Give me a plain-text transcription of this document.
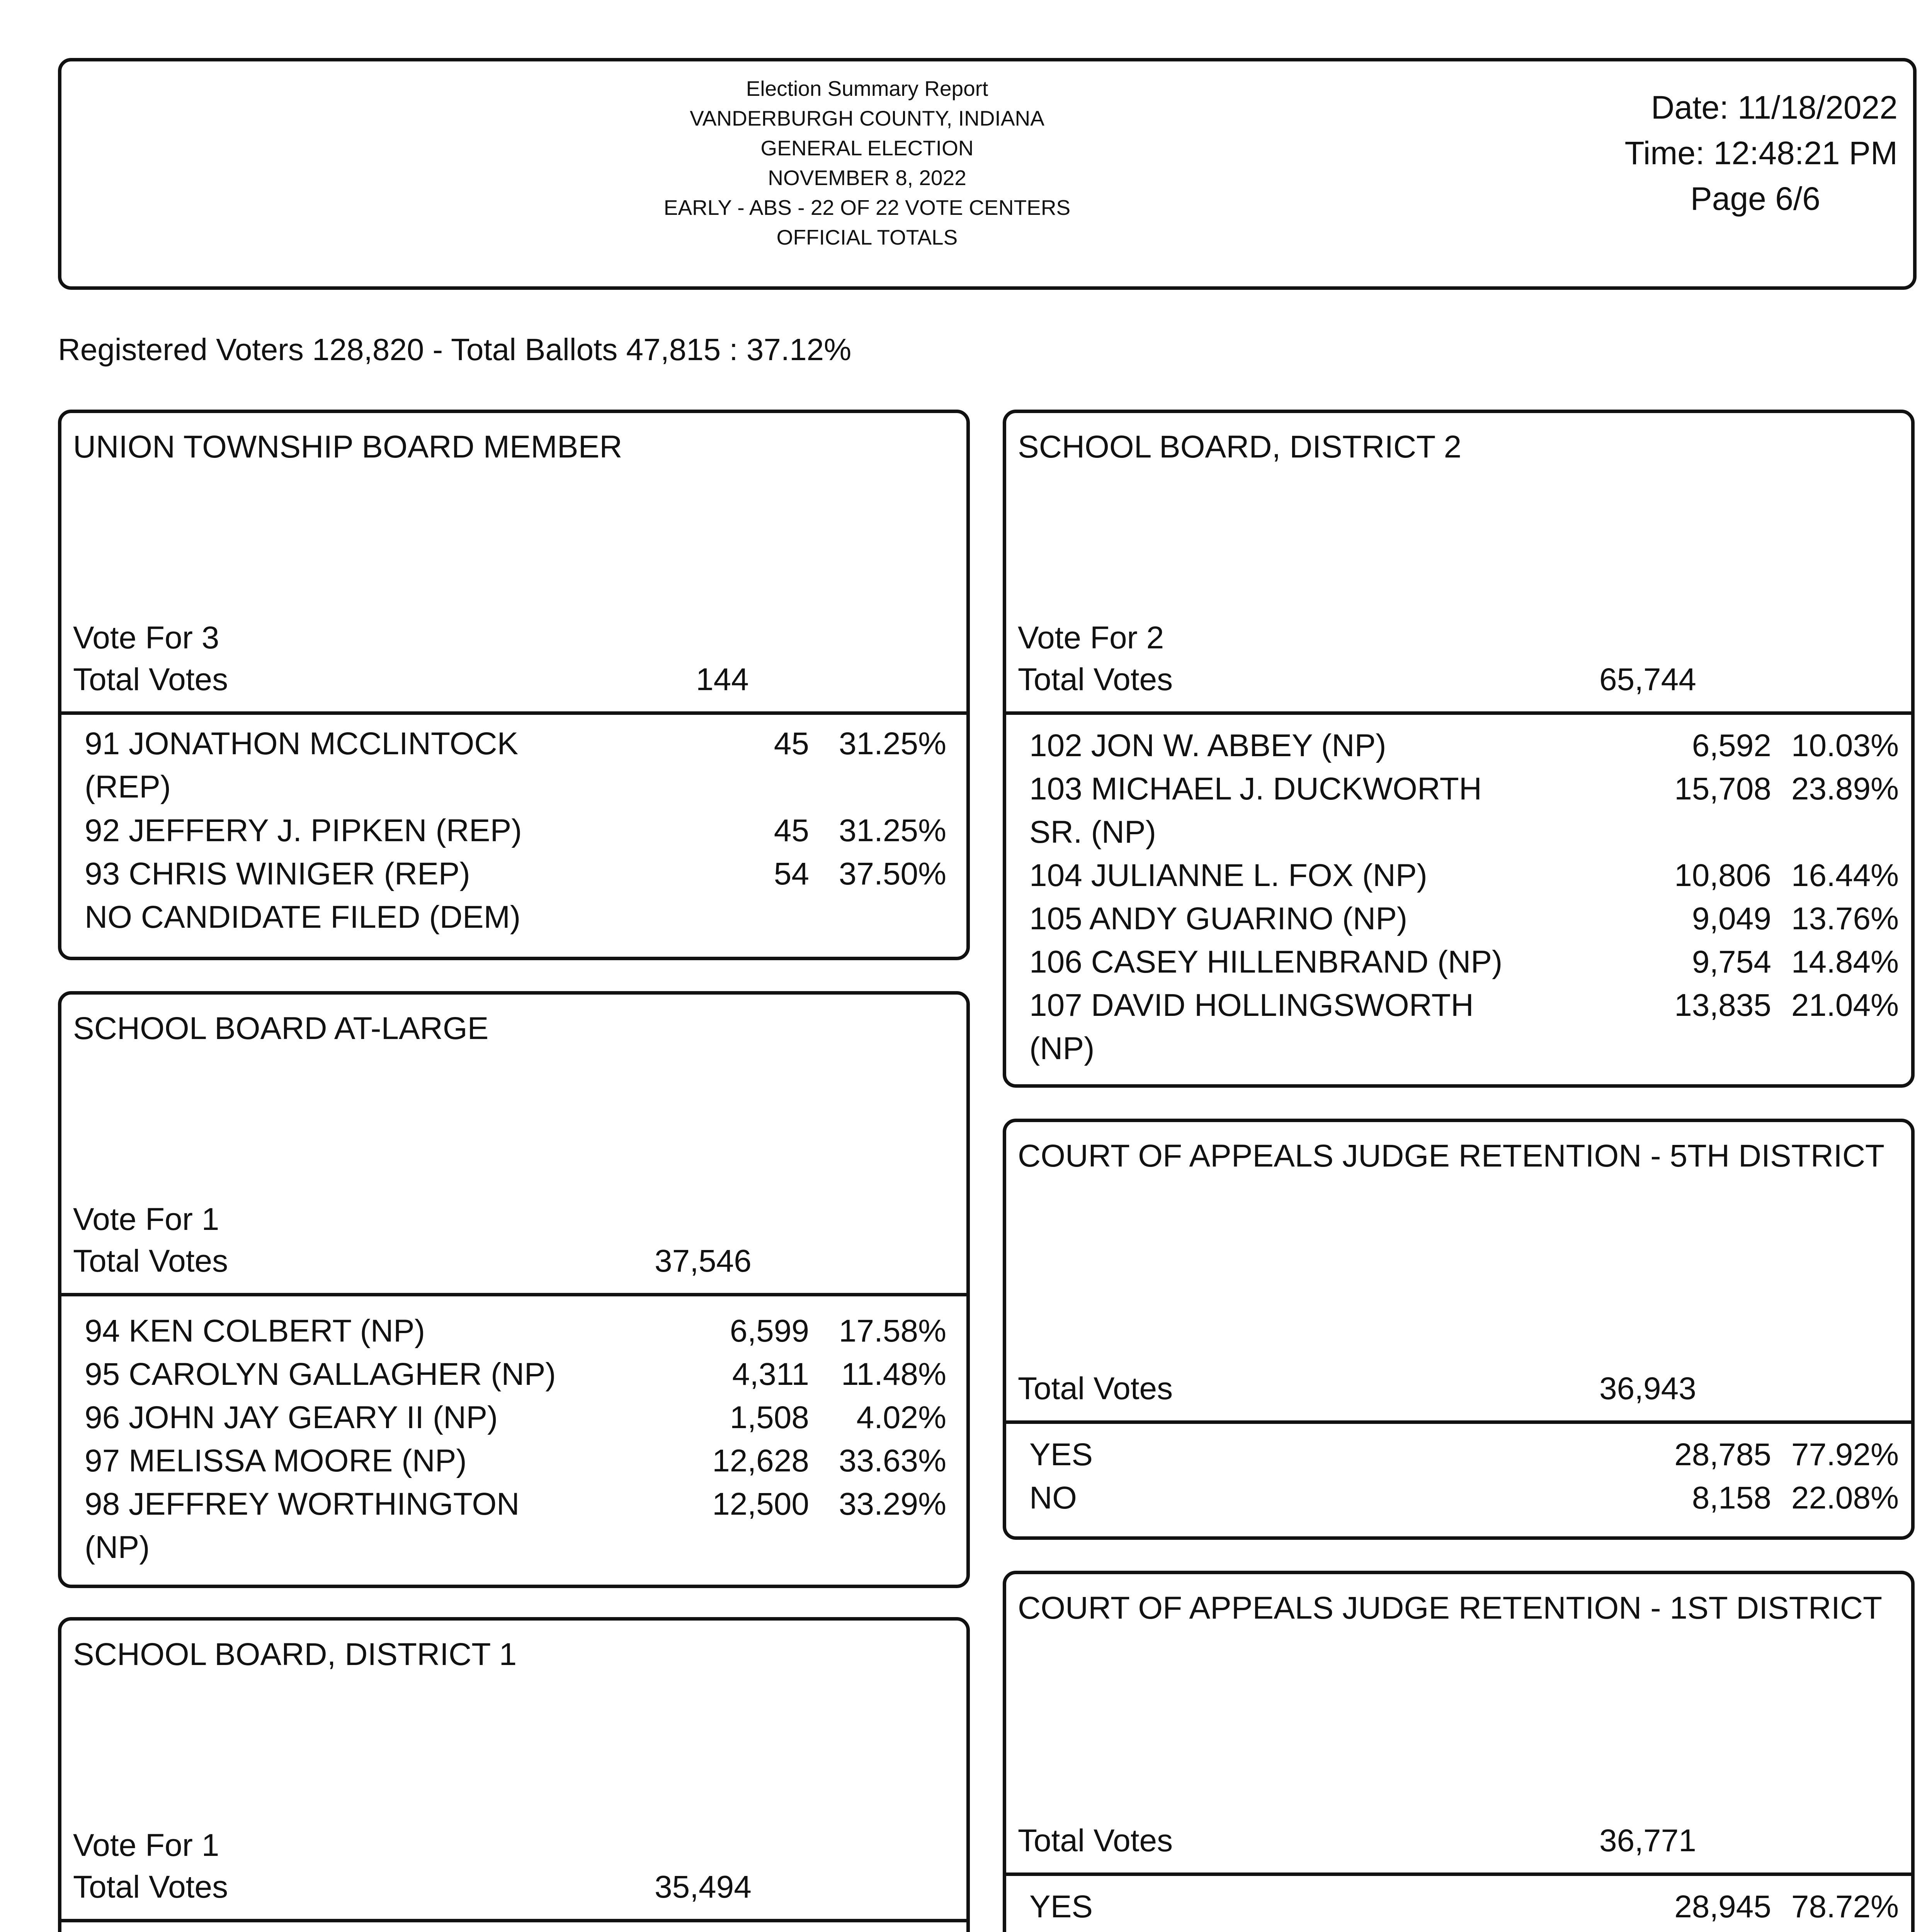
Election Summary Report
VANDERBURGH COUNTY, INDIANA
GENERAL ELECTION
NOVEMBER 8, 2022
EARLY - ABS - 22 OF 22 VOTE CENTERS
OFFICIAL TOTALS
Date: 11/18/2022
Time: 12:48:21 PM
Page 6/6
Registered Voters 128,820 - Total Ballots 47,815 : 37.12%
UNION TOWNSHIP BOARD MEMBER
Vote For 3
Total Votes	144
91 JONATHON MCCLINTOCK
(REP)
45 31.25%
92 JEFFERY J. PIPKEN (REP)	45 31.25%
93 CHRIS WINIGER (REP)	54 37.50%
NO CANDIDATE FILED (DEM)
SCHOOL BOARD AT-LARGE
Vote For 1
Total Votes	37,546
94 KEN COLBERT (NP)	6,599 17.58%
95 CAROLYN GALLAGHER (NP)	4,311	11.48%
96 JOHN JAY GEARY II (NP)	1,508	4.02%
97 MELISSA MOORE (NP)	12,628 33.63%
98 JEFFREY WORTHINGTON
(NP)
12,500 33.29%
SCHOOL BOARD, DISTRICT 1
Vote For 1
Total Votes	35,494
SCHOOL BOARD, DISTRICT 2
Vote For 2
Total Votes	65,744
102 JON W. ABBEY (NP)	6,592 10.03%
103 MICHAEL J. DUCKWORTH
SR. (NP)
15,708 23.89%
104 JULIANNE L. FOX (NP)	10,806 16.44%
105 ANDY GUARINO (NP)	9,049 13.76%
106 CASEY HILLENBRAND (NP)	9,754 14.84%
107 DAVID HOLLINGSWORTH
(NP)
13,835 21.04%
COURT OF APPEALS JUDGE RETENTION - 5TH DISTRICT
Total Votes	36,943
YES	28,785 77.92%
NO	8,158 22.08%
COURT OF APPEALS JUDGE RETENTION - 1ST DISTRICT
Total Votes	36,771
YES	28,945 78.72%
